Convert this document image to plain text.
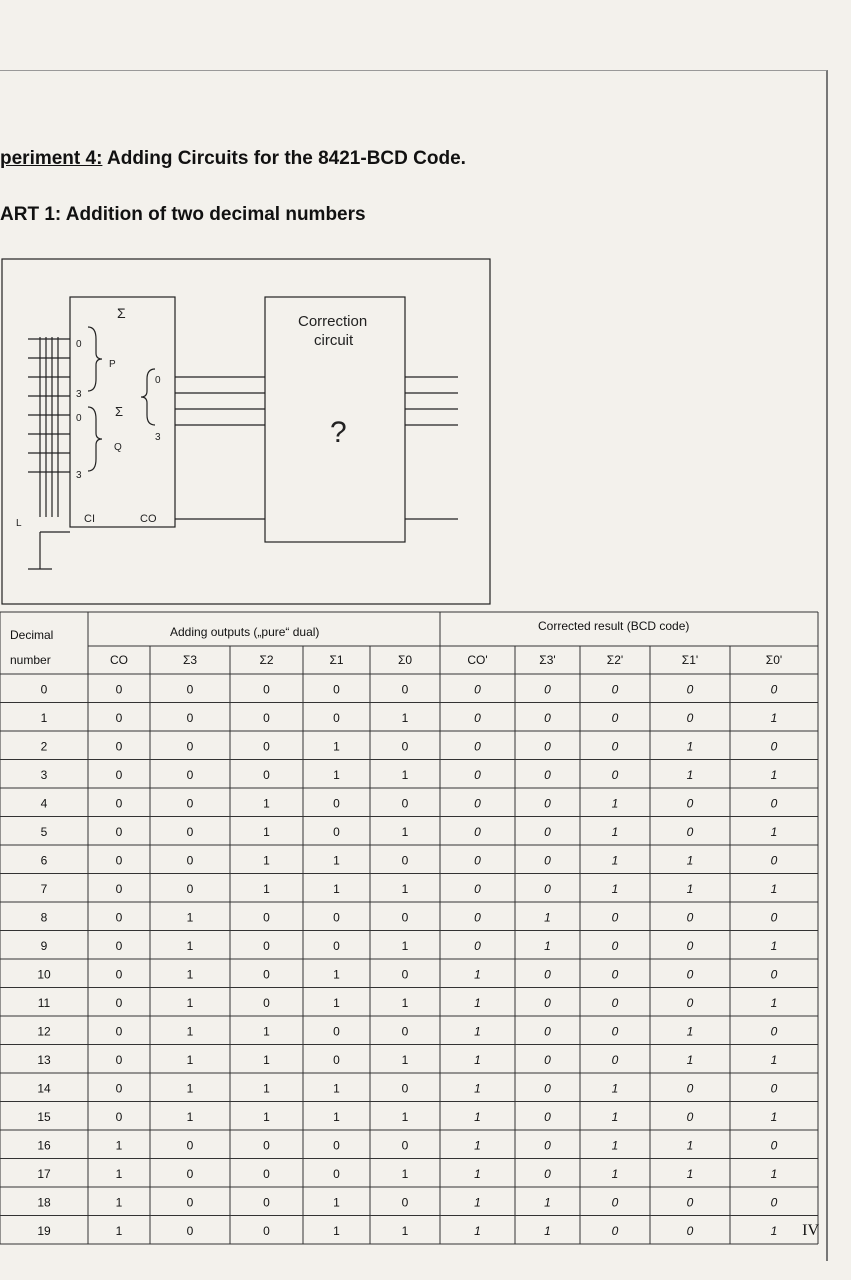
periment 4: Adding Circuits for the 8421-BCD Code.
ART 1: Addition of two decimal numbers
Σ
P
Q
Σ
0
3
0
3
0
3
CI	CO
L
Correction
circuit
?
0	0	0	0	0	0	0	0	0	0	0
1	0	0	0	0	1	0	0	0	0	1
2	0	0	0	1	0	0	0	0	1	0
3	0	0	0	1	1	0	0	0	1	1
4	0	0	1	0	0	0	0	1	0	0
5	0	0	1	0	1	0	0	1	0	1
6	0	0	1	1	0	0	0	1	1	0
7	0	0	1	1	1	0	0	1	1	1
8	0	1	0	0	0	0	1	0	0	0
9	0	1	0	0	1	0	1	0	0	1
10	0	1	0	1	0	1	0	0	0	0
11	0	1	0	1	1	1	0	0	0	1
12	0	1	1	0	0	1	0	0	1	0
13	0	1	1	0	1	1	0	0	1	1
14	0	1	1	1	0	1	0	1	0	0
15	0	1	1	1	1	1	0	1	0	1
16	1	0	0	0	0	1	0	1	1	0
17	1	0	0	0	1	1	0	1	1	1
18	1	0	0	1	0	1	1	0	0	0
19	1	0	0	1	1	1	1	0	0	1
Decimal
number
Adding outputs („pure“ dual)	Corrected result (BCD code)
CO	Σ3	Σ2	Σ1	Σ0	CO'	Σ3'	Σ2'	Σ1'	Σ0'
IV
